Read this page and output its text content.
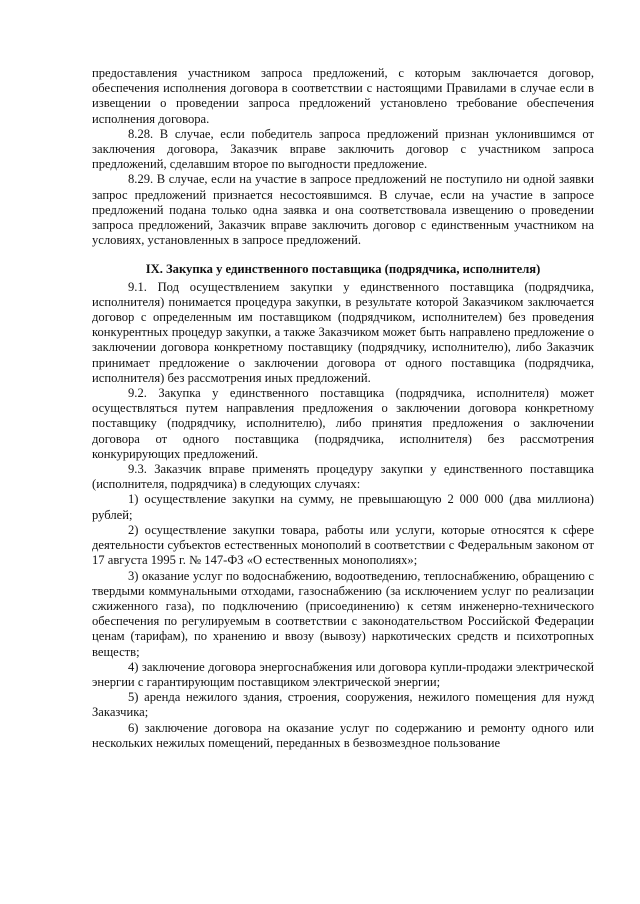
предоставления участником запроса предложений, с которым заключается договор, обеспечения исполнения договора в соответствии с настоящими Правилами в случае если в извещении о проведении запроса предложений установлено требование обеспечения исполнения договора.

8.28. В случае, если победитель запроса предложений признан уклонившимся от заключения договора, Заказчик вправе заключить договор с участником запроса предложений, сделавшим второе по выгодности предложение.

8.29. В случае, если на участие в запросе предложений не поступило ни одной заявки запрос предложений признается несостоявшимся. В случае, если на участие в запросе предложений подана только одна заявка и она соответствовала извещению о проведении запроса предложений, Заказчик вправе заключить договор с единственным участником на условиях, установленных в запросе предложений.

IX. Закупка у единственного поставщика (подрядчика, исполнителя)

9.1. Под осуществлением закупки у единственного поставщика (подрядчика, исполнителя) понимается процедура закупки, в результате которой Заказчиком заключается договор с определенным им поставщиком (подрядчиком, исполнителем) без проведения конкурентных процедур закупки, а также Заказчиком может быть направлено предложение о заключении договора конкретному поставщику (подрядчику, исполнителю), либо Заказчик принимает предложение о заключении договора от одного поставщика (подрядчика, исполнителя) без рассмотрения иных предложений.

9.2. Закупка у единственного поставщика (подрядчика, исполнителя) может осуществляться путем направления предложения о заключении договора конкретному поставщику (подрядчику, исполнителю), либо принятия предложения о заключении договора от одного поставщика (подрядчика, исполнителя) без рассмотрения конкурирующих предложений.

9.3. Заказчик вправе применять процедуру закупки у единственного поставщика (исполнителя, подрядчика) в следующих случаях:

1) осуществление закупки на сумму, не превышающую 2 000 000 (два миллиона) рублей;

2) осуществление закупки товара, работы или услуги, которые относятся к сфере деятельности субъектов естественных монополий в соответствии с Федеральным законом от 17 августа 1995 г. № 147-ФЗ «О естественных монополиях»;

3) оказание услуг по водоснабжению, водоотведению, теплоснабжению, обращению с твердыми коммунальными отходами, газоснабжению (за исключением услуг по реализации сжиженного газа), по подключению (присоединению) к сетям инженерно-технического обеспечения по регулируемым в соответствии с законодательством Российской Федерации ценам (тарифам), по хранению и ввозу (вывозу) наркотических средств и психотропных веществ;

4) заключение договора энергоснабжения или договора купли-продажи электрической энергии с гарантирующим поставщиком электрической энергии;

5) аренда нежилого здания, строения, сооружения, нежилого помещения для нужд Заказчика;

6) заключение договора на оказание услуг по содержанию и ремонту одного или нескольких нежилых помещений, переданных в безвозмездное пользование
